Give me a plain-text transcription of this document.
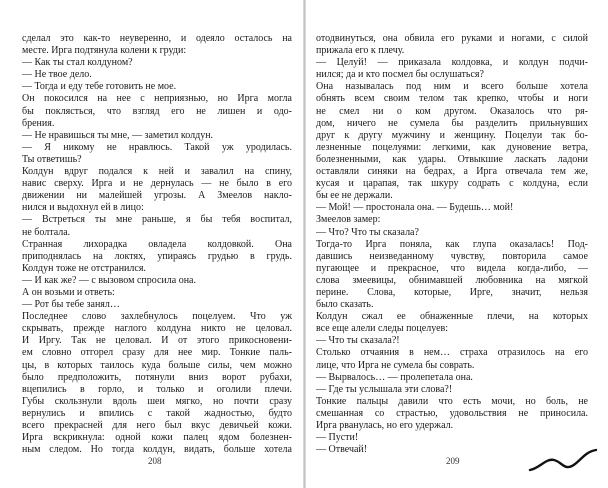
сделал это как-то неуверенно, и одеяло осталось на
месте. Ирга подтянула колени к груди:
— Как ты стал колдуном?
— Не твое дело.
— Тогда и еду тебе готовить не мое.
Он покосился на нее с неприязнью, но Ирга могла
бы поклясться, что взгляд его не лишен и одо-
брения.
— Не нравишься ты мне, — заметил колдун.
— Я никому не нравлюсь. Такой уж уродилась.
Ты ответишь?
Колдун вдруг подался к ней и завалил на спину,
навис сверху. Ирга и не дернулась — не было в его
движении ни малейшей угрозы. А Змеелов накло-
нился и выдохнул ей в лицо:
— Встреться ты мне раньше, я бы тебя воспитал,
не болтала.
Странная лихорадка овладела колдовкой. Она
приподнялась на локтях, упираясь грудью в грудь.
Колдун тоже не отстранился.
— И как же? — с вызовом спросила она.
А он возьми и ответь:
— Рот бы тебе занял…
Последнее слово захлебнулось поцелуем. Что уж
скрывать, прежде наглого колдуна никто не целовал.
И Иргу. Так не целовал. И от этого прикосновени-
ем словно отгорел сразу для нее мир. Тонкие паль-
цы, в которых таилось куда больше силы, чем можно
было предположить, потянули вниз ворот рубахи,
вцепились в горло, и только и оголили плечи.
Губы скользнули вдоль шеи мягко, но почти сразу
вернулись и впились с такой жадностью, будто
всего прекрасней для него был вкус девичьей кожи.
Ирга вскрикнула: одной кожи палец ядом болезнен-
ным следом. Но тогда колдун, видать, больше хотела
отодвинуться, она обвила его руками и ногами, с силой
прижала его к плечу.
— Целуй! — приказала колдовка, и колдун подчи-
нился; да и кто посмел бы ослушаться?
Она называлась под ним и всего больше хотела
обнять всем своим телом так крепко, чтобы и ноги
не смел ни о ком другом. Оказалось что ря-
дом, ничего не сумела бы разделить прильнувших
друг к другу мужчину и женщину. Поцелуи так бо-
лезненные поцелуями: легкими, как дуновение ветра,
болезненными, как удары. Отвыкшие ласкать ладони
оставляли синяки на бедрах, а Ирга отвечала тем же,
кусая и царапая, так шкуру содрать с колдуна, если
бы ее не держали.
— Мой! — простонала она. — Будешь… мой!
Змеелов замер:
— Что? Что ты сказала?
Тогда-то Ирга поняла, как глупа оказалась! Под-
давшись неизведанному чувству, повторила самое
пугающее и прекрасное, что видела когда-либо, —
слова змеевицы, обнимавшей любовника на мягкой
перине. Слова, которые, Ирге, значит, нельзя
было сказать.
Колдун сжал ее обнаженные плечи, на которых
все еще алели следы поцелуев:
— Что ты сказала?!
Столько отчаяния в нем… страха отразилось на его
лице, что Ирга не сумела бы соврать.
— Вырвалось… — пролепетала она.
— Где ты услышала эти слова?!
Тонкие пальцы давили что есть мочи, но боль, не
смешанная со страстью, удовольствия не приносила.
Ирга рванулась, но его удержал.
— Пусти!
— Отвечай!
208	209
